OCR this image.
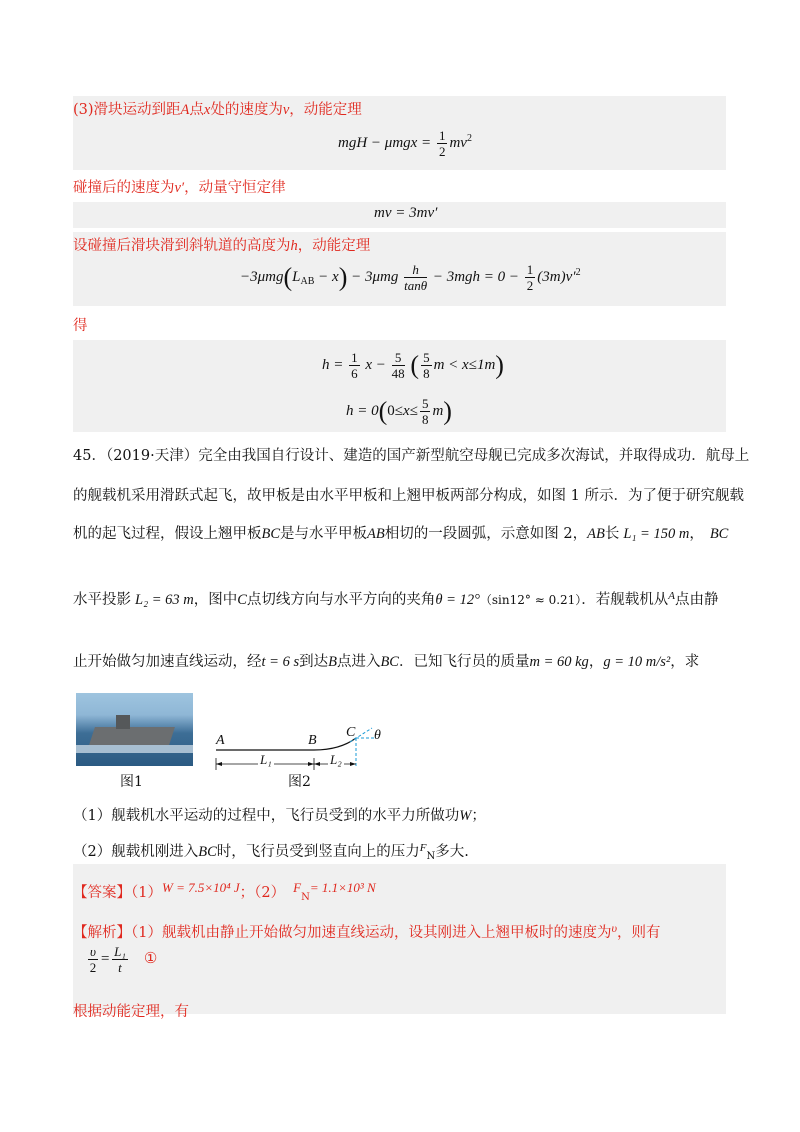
(3)滑块运动到距A点x处的速度为v，动能定理
mgH − $\mu mgx = \frac{1}{2} mv^2$
碰撞后的速度为v′，动量守恒定律
mv = 3mv′
设碰撞后滑块滑到斜轨道的高度为h，动能定理
$-3\mu mg(L_{AB} - x) - 3\mu mg \frac{h}{\tan\theta} - 3mgh = 0 - \frac{1}{2} (3m)v'^2$
得
$h = \frac{1}{6}$ $x - \frac{5}{48}$ ( $\frac{5}{8}$ m < x≤1m)
$h = 0(0\le x\le \frac{5}{8} m)$
45．（2019·天津）完全由我国自行设计、建造的国产新型航空母舰已完成多次海试，并取得成功．航母上
的舰载机采用滑跃式起飞，故甲板是由水平甲板和上翘甲板两部分构成，如图 1 所示．为了便于研究舰载
机的起飞过程，假设上翘甲板BC是与水平甲板AB相切的一段圆弧，示意如图 2，AB长 L₁ = 150 m， BC
水平投影 L₂ = 63 m，图中C点切线方向与水平方向的夹角θ = 12°（sin12° ≈ 0.21）．若舰载机从$^A$点由静
止开始做匀加速直线运动，经t = 6 s到达B点进入BC．已知飞行员的质量m = 60 kg，g = 10 m/s²，求
图1
A	B
C θ
L₁	L₂
图2
（1）舰载机水平运动的过程中，飞行员受到的水平力所做功W；
（2）舰载机刚进入BC时，飞行员受到竖直向上的压力$^F_N$多大.
【答案】（1）W = 7.5×10⁴ J；（2） $F_N= 1.1\times 10^3$ N
【解析】（1）舰载机由静止开始做匀加速直线运动，设其刚进入上翘甲板时的速度为$^\upsilon$，则有
$\frac{\upsilon}{2} = \frac{\text{L₁}}{t}$ ①
根据动能定理，有
